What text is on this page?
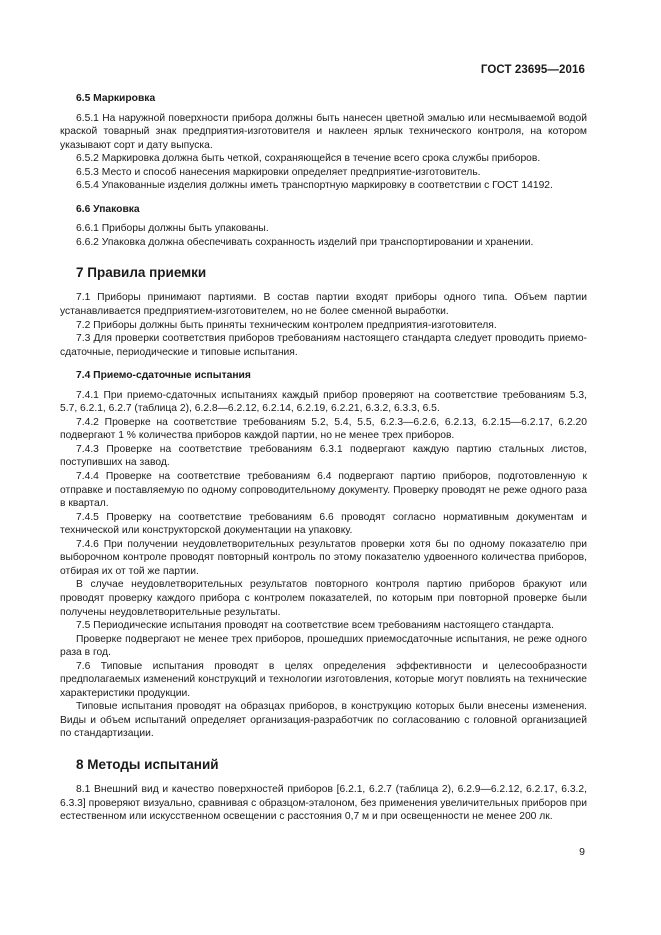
ГОСТ 23695—2016
6.5 Маркировка

6.5.1 На наружной поверхности прибора должны быть нанесен цветной эмалью или несмываемой водой краской товарный знак предприятия-изготовителя и наклеен ярлык технического контроля, на котором указывают сорт и дату выпуска.

6.5.2 Маркировка должна быть четкой, сохраняющейся в течение всего срока службы приборов.

6.5.3 Место и способ нанесения маркировки определяет предприятие-изготовитель.

6.5.4 Упакованные изделия должны иметь транспортную маркировку в соответствии с ГОСТ 14192.

6.6 Упаковка

6.6.1 Приборы должны быть упакованы.

6.6.2 Упаковка должна обеспечивать сохранность изделий при транспортировании и хранении.

7 Правила приемки

7.1 Приборы принимают партиями. В состав партии входят приборы одного типа. Объем партии устанавливается предприятием-изготовителем, но не более сменной выработки.

7.2 Приборы должны быть приняты техническим контролем предприятия-изготовителя.

7.3 Для проверки соответствия приборов требованиям настоящего стандарта следует проводить приемо-сдаточные, периодические и типовые испытания.

7.4 Приемо-сдаточные испытания

7.4.1 При приемо-сдаточных испытаниях каждый прибор проверяют на соответствие требованиям 5.3, 5.7, 6.2.1, 6.2.7 (таблица 2), 6.2.8—6.2.12, 6.2.14, 6.2.19, 6.2.21, 6.3.2, 6.3.3, 6.5.

7.4.2 Проверке на соответствие требованиям 5.2, 5.4, 5.5, 6.2.3—6.2.6, 6.2.13, 6.2.15—6.2.17, 6.2.20 подвергают 1 % количества приборов каждой партии, но не менее трех приборов.

7.4.3 Проверке на соответствие требованиям 6.3.1 подвергают каждую партию стальных листов, поступивших на завод.

7.4.4 Проверке на соответствие требованиям 6.4 подвергают партию приборов, подготовленную к отправке и поставляемую по одному сопроводительному документу. Проверку проводят не реже одного раза в квартал.

7.4.5 Проверку на соответствие требованиям 6.6 проводят согласно нормативным документам и технической или конструкторской документации на упаковку.

7.4.6 При получении неудовлетворительных результатов проверки хотя бы по одному показателю при выборочном контроле проводят повторный контроль по этому показателю удвоенного количества приборов, отбирая их от той же партии.

В случае неудовлетворительных результатов повторного контроля партию приборов бракуют или проводят проверку каждого прибора с контролем показателей, по которым при повторной проверке были получены неудовлетворительные результаты.

7.5 Периодические испытания проводят на соответствие всем требованиям настоящего стандарта.

Проверке подвергают не менее трех приборов, прошедших приемосдаточные испытания, не реже одного раза в год.

7.6 Типовые испытания проводят в целях определения эффективности и целесообразности предполагаемых изменений конструкций и технологии изготовления, которые могут повлиять на технические характеристики продукции.

Типовые испытания проводят на образцах приборов, в конструкцию которых были внесены изменения. Виды и объем испытаний определяет организация-разработчик по согласованию с головной организацией по стандартизации.

8 Методы испытаний

8.1 Внешний вид и качество поверхностей приборов [6.2.1, 6.2.7 (таблица 2), 6.2.9—6.2.12, 6.2.17, 6.3.2, 6.3.3] проверяют визуально, сравнивая с образцом-эталоном, без применения увеличительных приборов при естественном или искусственном освещении с расстояния 0,7 м и при освещенности не менее 200 лк.

9
